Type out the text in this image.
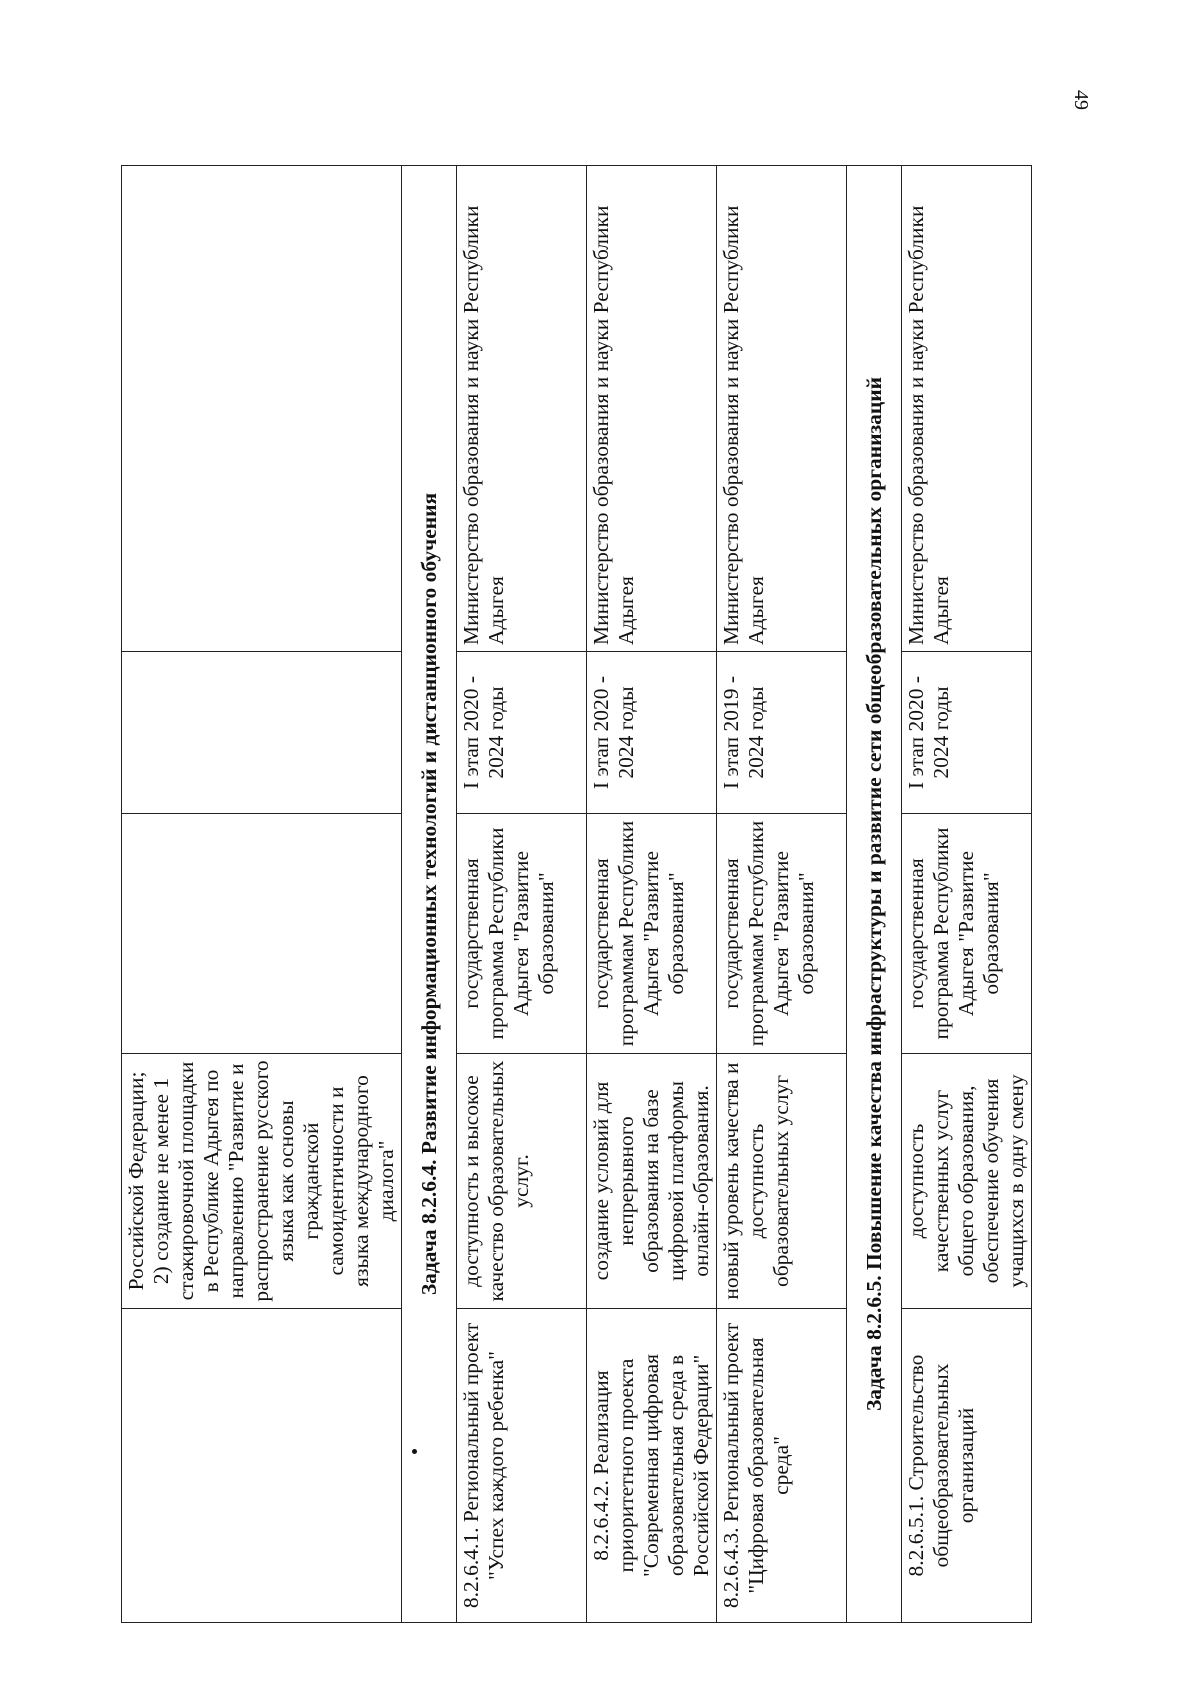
49
	Российской Федерации; 2) создание не менее 1 стажировочной площадки в Республике Адыгея по направлению "Развитие и распространение русского языка как основы гражданской самоидентичности и языка международного диалога"			
Задача 8.2.6.4. Развитие информационных технологий и дистанционного обучения				
8.2.6.4.1. Региональный проект "Успех каждого ребенка"	доступность и высокое качество образовательных услуг.	государственная программа Республики Адыгея "Развитие образования"	I этап 2020 - 2024 годы	Министерство образования и науки Республики Адыгея
8.2.6.4.2. Реализация приоритетного проекта "Современная цифровая образовательная среда в Российской Федерации"	создание условий для непрерывного образования на базе цифровой платформы онлайн-образования.	государственная программам Республики Адыгея "Развитие образования"	I этап 2020 - 2024 годы	Министерство образования и науки Республики Адыгея
8.2.6.4.3. Региональный проект "Цифровая образовательная среда"	новый уровень качества и доступность образовательных услуг	государственная программам Республики Адыгея "Развитие образования"	I этап 2019 - 2024 годы	Министерство образования и науки Республики Адыгея
Задача 8.2.6.5. Повышение качества инфраструктуры и развитие сети общеобразовательных организаций				
8.2.6.5.1. Строительство общеобразовательных организаций	доступность качественных услуг общего образования, обеспечение обучения учащихся в одну смену	государственная программа Республики Адыгея "Развитие образования"	I этап 2020 - 2024 годы	Министерство образования и науки Республики Адыгея
